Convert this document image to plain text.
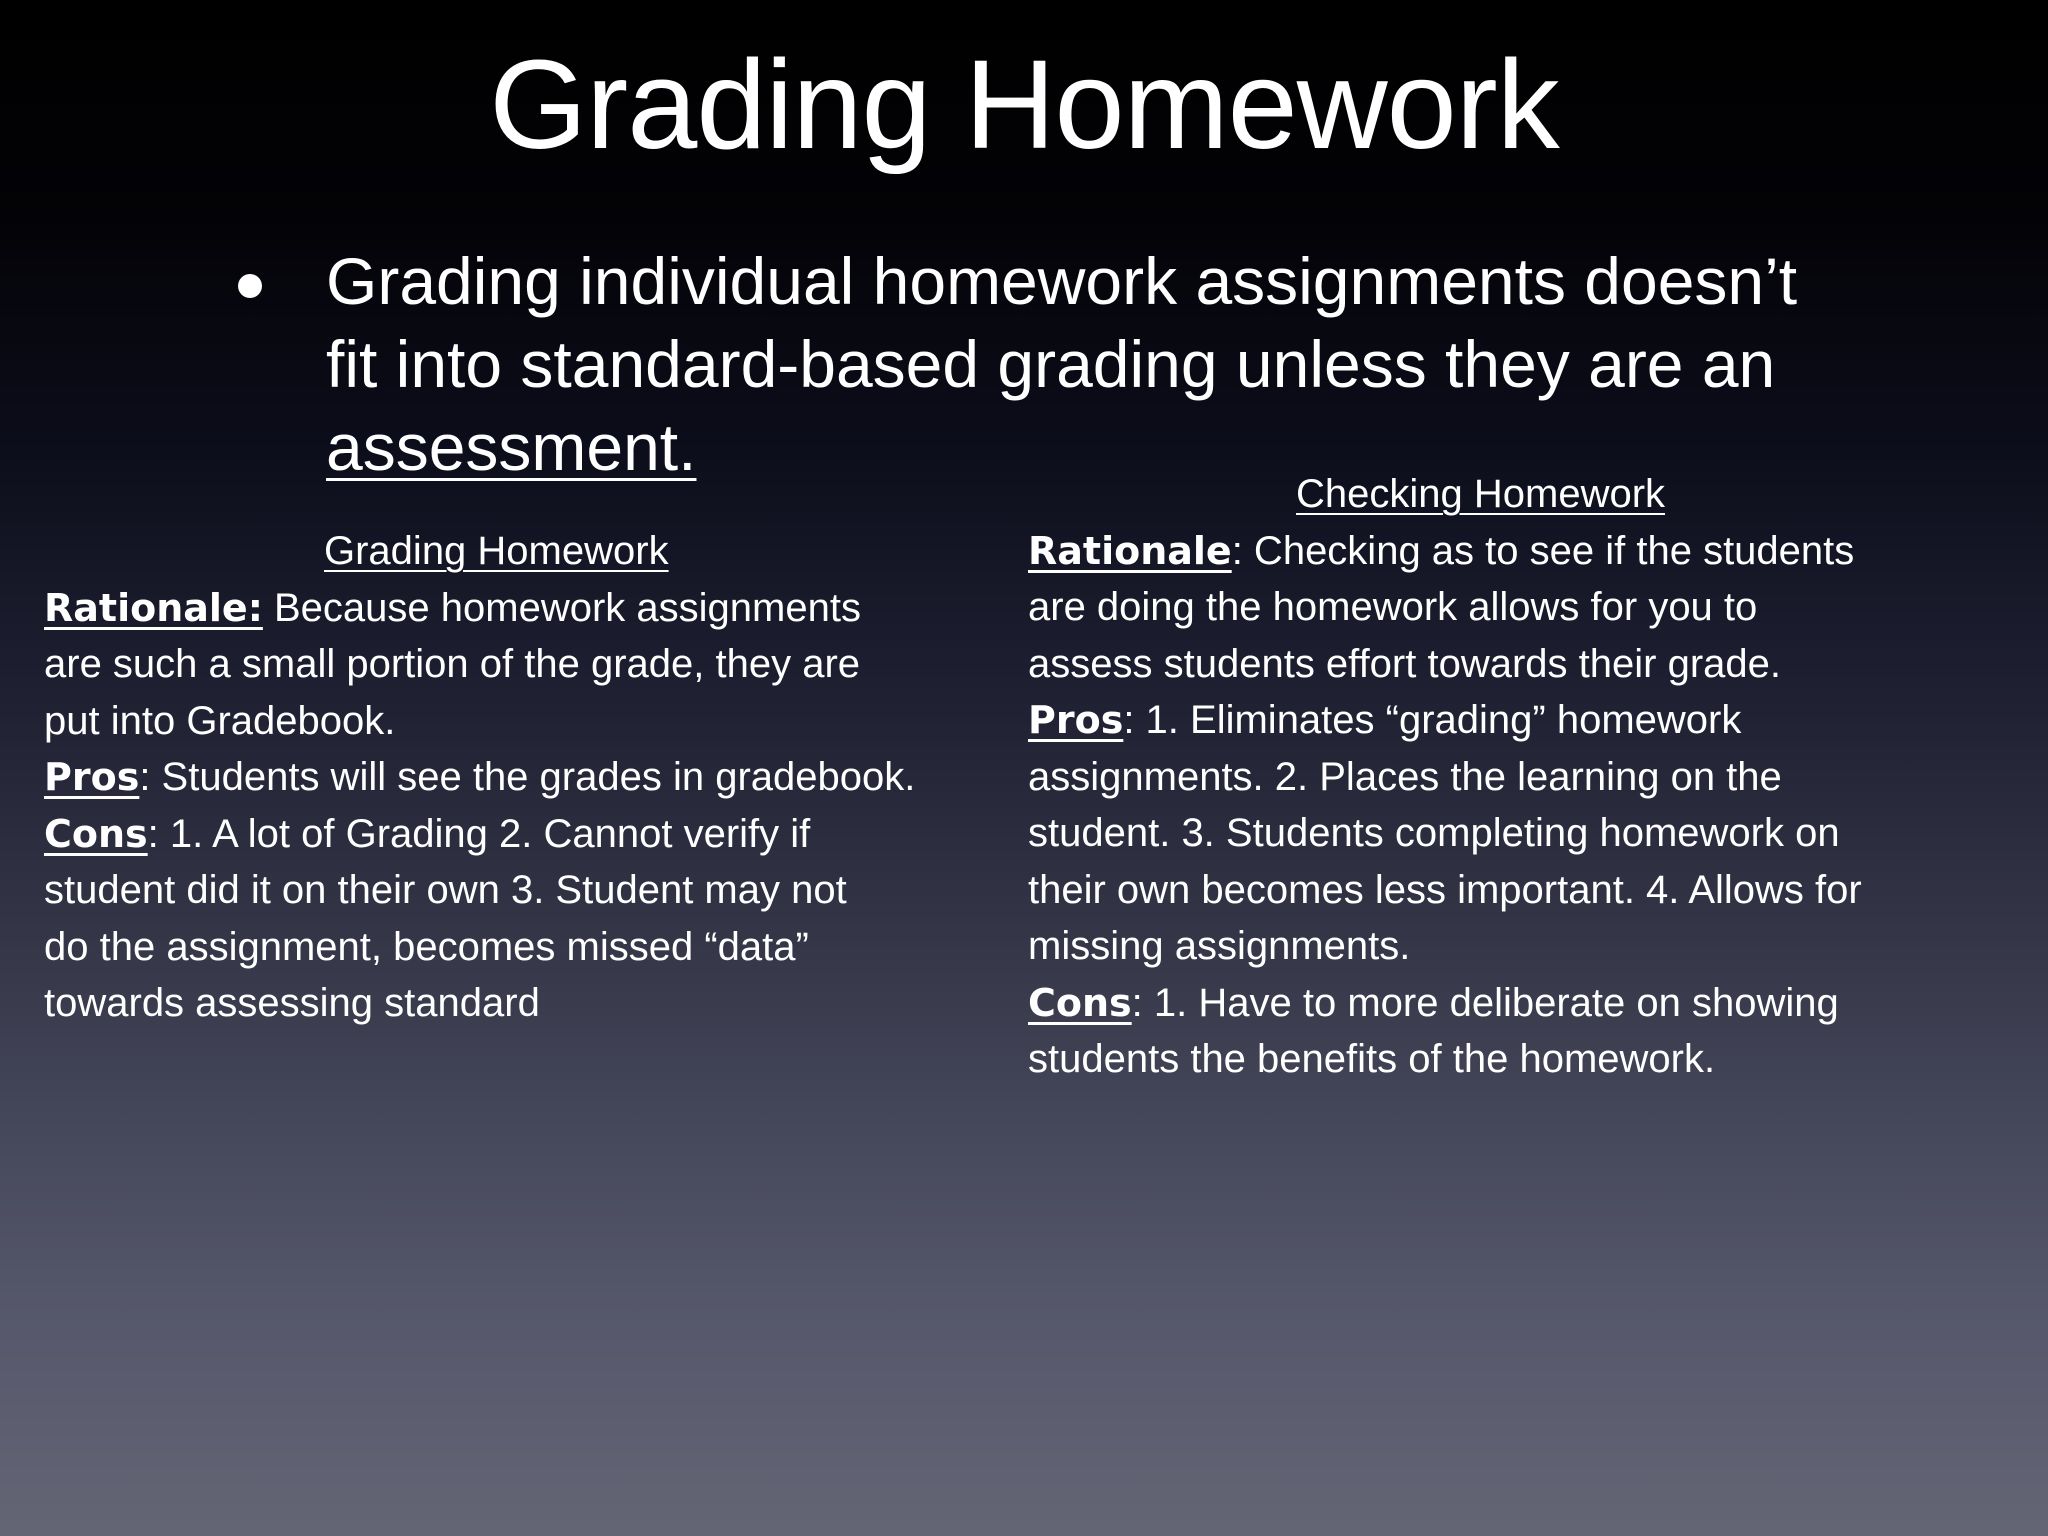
Grading Homework
Grading individual homework assignments doesn’t
fit into standard-based grading unless they are an
assessment.
Grading Homework
Rationale: Because homework assignments
are such a small portion of the grade, they are
put into Gradebook.
Pros: Students will see the grades in gradebook.
Cons: 1. A lot of Grading 2. Cannot verify if
student did it on their own 3. Student may not
do the assignment, becomes missed “data”
towards assessing standard
Checking Homework
Rationale: Checking as to see if the students
are doing the homework allows for you to
assess students effort towards their grade.
Pros: 1. Eliminates “grading” homework
assignments. 2. Places the learning on the
student. 3. Students completing homework on
their own becomes less important. 4. Allows for
missing assignments.
Cons: 1. Have to more deliberate on showing
students the benefits of the homework.
